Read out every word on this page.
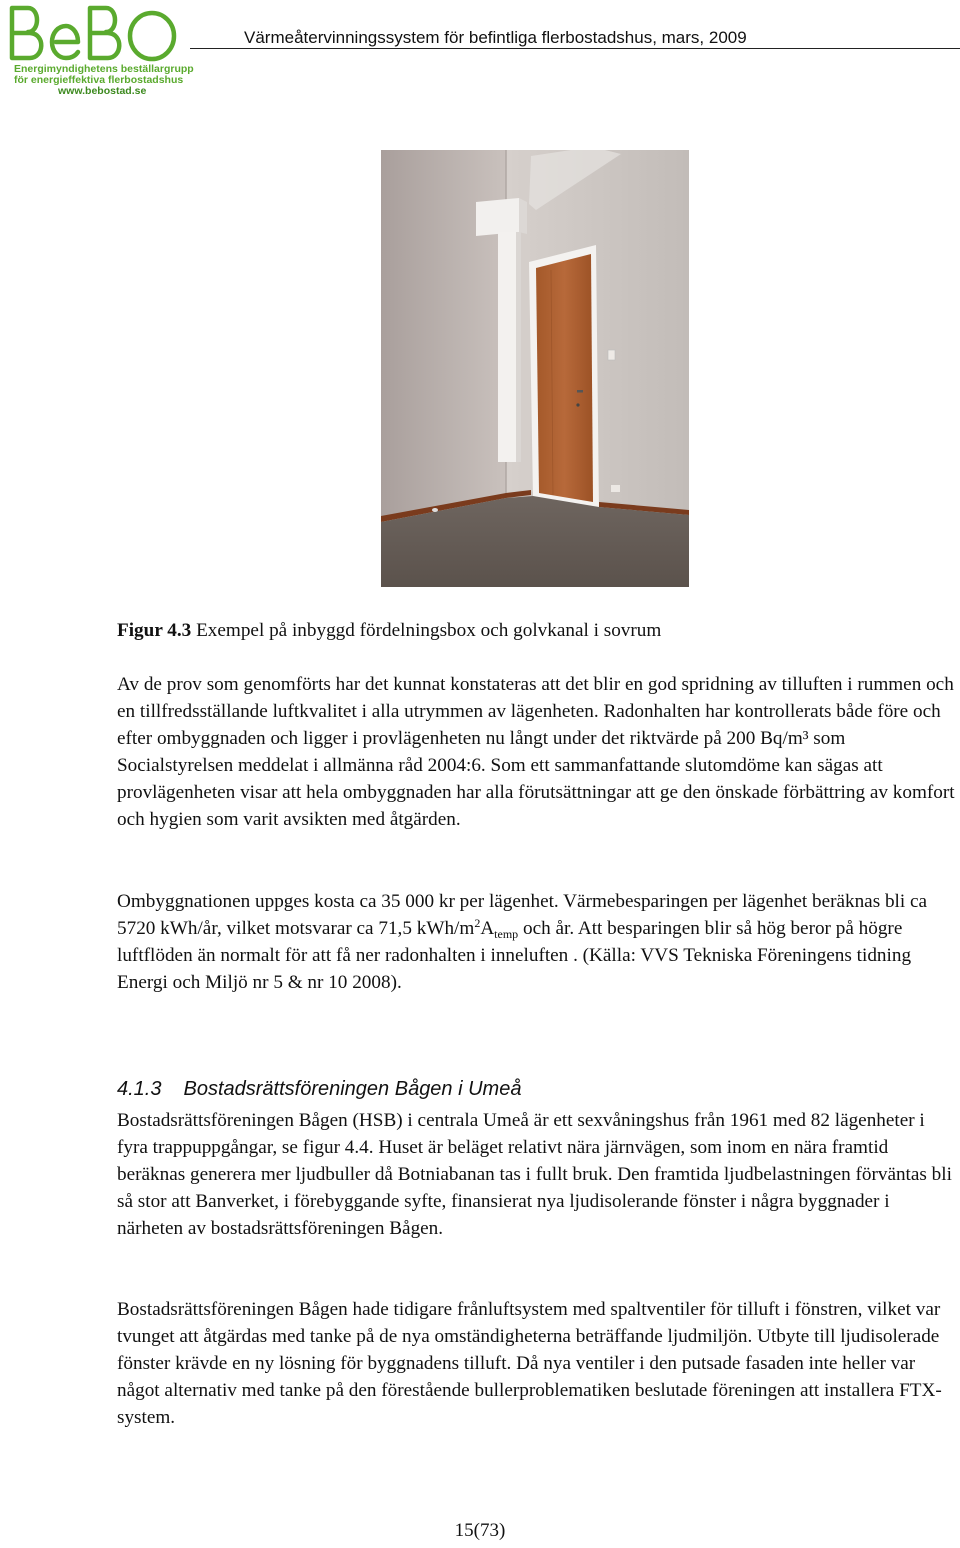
Energimyndighetens beställargrupp
för energieffektiva flerbostadshus
www.bebostad.se
Värmeåtervinningssystem för befintliga flerbostadshus, mars, 2009
Figur 4.3 Exempel på inbyggd fördelningsbox och golvkanal i sovrum

Av de prov som genomförts har det kunnat konstateras att det blir en god spridning av tilluften i rummen och en tillfredsställande luftkvalitet i alla utrymmen av lägenheten. Radonhalten har kontrollerats både före och efter ombyggnaden och ligger i provlägenheten nu långt under det riktvärde på 200 Bq/m³ som Socialstyrelsen meddelat i allmänna råd 2004:6. Som ett sammanfattande slutomdöme kan sägas att provlägenheten visar att hela ombyggnaden har alla förutsättningar att ge den önskade förbättring av komfort och hygien som varit avsikten med åtgärden.

Ombyggnationen uppges kosta ca 35 000 kr per lägenhet. Värmebesparingen per lägenhet beräknas bli ca 5720 kWh/år, vilket motsvarar ca 71,5 kWh/$m^2A_{temp}$ och år. Att besparingen blir så hög beror på högre luftflöden än normalt för att få ner radonhalten i inneluften . (Källa: VVS Tekniska Föreningens tidning Energi och Miljö nr 5 & nr 10 2008).

4.1.3 Bostadsrättsföreningen Bågen i Umeå

Bostadsrättsföreningen Bågen (HSB) i centrala Umeå är ett sexvåningshus från 1961 med 82 lägenheter i fyra trappuppgångar, se figur 4.4. Huset är beläget relativt nära järnvägen, som inom en nära framtid beräknas generera mer ljudbuller då Botniabanan tas i fullt bruk. Den framtida ljudbelastningen förväntas bli så stor att Banverket, i förebyggande syfte, finansierat nya ljudisolerande fönster i några byggnader i närheten av bostadsrättsföreningen Bågen.

Bostadsrättsföreningen Bågen hade tidigare frånluftsystem med spaltventiler för tilluft i fönstren, vilket var tvunget att åtgärdas med tanke på de nya omständigheterna beträffande ljudmiljön. Utbyte till ljudisolerade fönster krävde en ny lösning för byggnadens tilluft. Då nya ventiler i den putsade fasaden inte heller var något alternativ med tanke på den förestående bullerproblematiken beslutade föreningen att installera FTX-system.

15(73)
